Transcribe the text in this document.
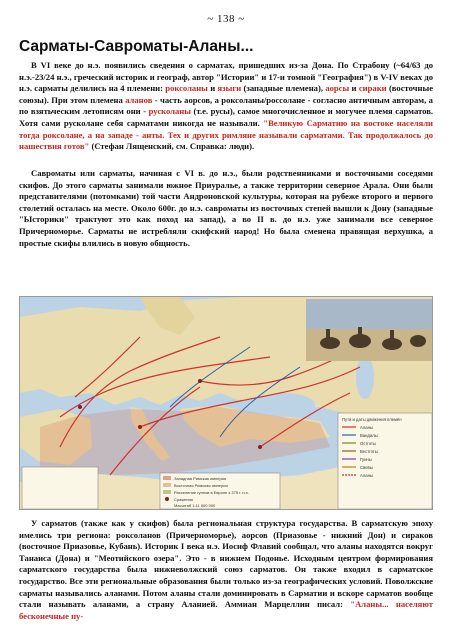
~ 138 ~
Сарматы-Савроматы-Аланы...

В VI веке до н.э. появились сведения о сарматах, пришедших из-за Дона. По Страбону (~64/63 до н.э.-23/24 н.э., греческий историк и географ, автор "Истории" и 17-и томной "География") в V-IV веках до н.э. сарматы делились на 4 племени: роксоланы и языги (западные племена), аорсы и сираки (восточные союзы). При этом племена аланов - часть аорсов, а роксоланы/россолане - согласно античным авторам, а по взятьческим летописям они - русколаны (т.е. русы), самое многочисленное и могучее племя сарматов. Хотя сами русколане себя сарматами никогда не называли. "Великую Сарматию на востоке населяли тогда роксолане, а на западе - анты. Тех и других римляне называли сарматами. Так продолжалось до нашествия готов" (Стефан Лященский, см. Справка: люди).

Савроматы или сарматы, начиная с VI в. до н.э., были родственниками и восточными соседями скифов. До этого сарматы занимали южное Приуралье, а также территории северное Арала. Они были представителями (потомками) той части Андроновской культуры, которая на рубеже второго и первого столетий осталась на месте. Около 600г. до н.э. савроматы из восточных степей вышли к Дону (западные "Ысторики" трактуют это как поход на запад), а во II в. до н.э. уже занимали все северное Причерноморье. Сарматы не истребляли скифский народ! Но была сменена правящая верхушка, а простые скифы влились в новую общность.

Пути и даты движения племён
Аланы
Вандалы
Остготы
Вестготы
Гунны
Свевы
Аланы
Западная Римская империя
Восточная Римская империя
Расселение гуннов в Европе к 375 г. н.э.
Сражения
Масштаб 1:11 000 000

У сарматов (также как у скифов) была региональная структура государства. В сарматскую эпоху имелись три региона: роксоланов (Причерноморье), аорсов (Приазовье - нижний Дон) и сираков (восточное Приазовье, Кубань). Историк I века н.э. Иосиф Флавий сообщал, что аланы находятся вокруг Танаиса (Дона) и "Меотийского озера". Это - в нижнем Подонье. Исходным центром формирования сарматского государства была нижневолжский союз сарматов. Он также входил в сарматское государство. Все эти региональные образования были только из-за географических условий. Поволжские сарматы назывались аланами. Потом аланы стали доминировать в Сарматии и вскоре сарматов вообще стали называть аланами, а страну Аланией. Аммиан Марцеллин писал: "Аланы... населяют бесконечные пу-
